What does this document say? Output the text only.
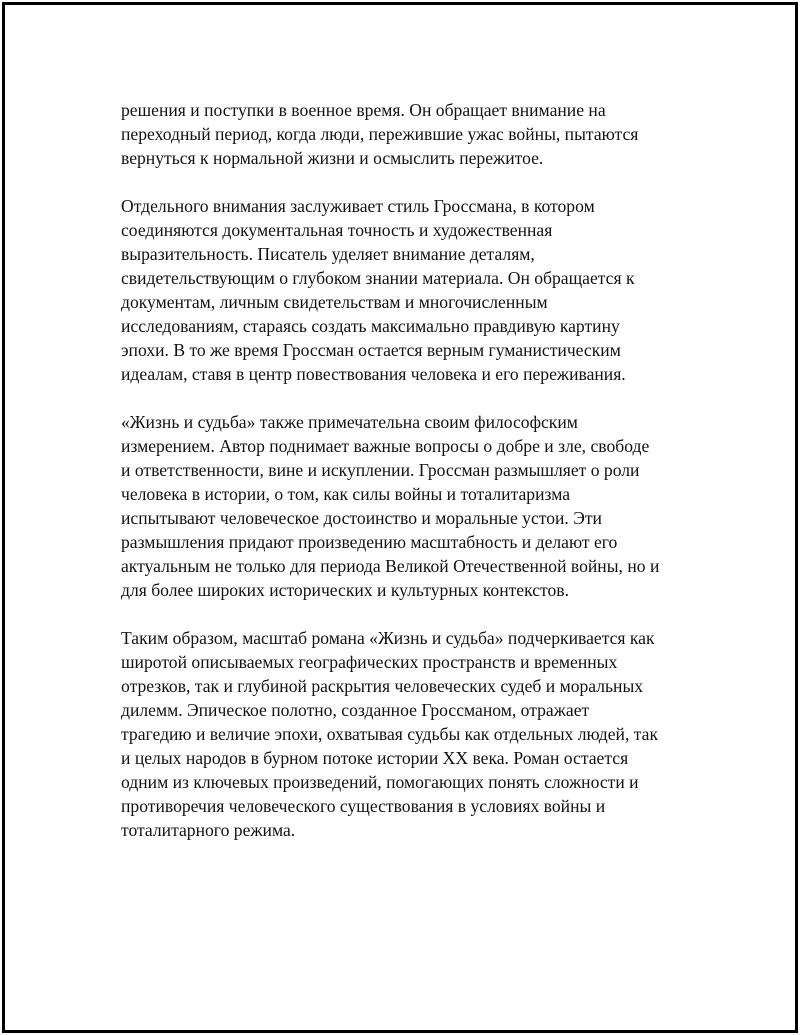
решения и поступки в военное время. Он обращает внимание на
переходный период, когда люди, пережившие ужас войны, пытаются
вернуться к нормальной жизни и осмыслить пережитое.

Отдельного внимания заслуживает стиль Гроссмана, в котором
соединяются документальная точность и художественная
выразительность. Писатель уделяет внимание деталям,
свидетельствующим о глубоком знании материала. Он обращается к
документам, личным свидетельствам и многочисленным
исследованиям, стараясь создать максимально правдивую картину
эпохи. В то же время Гроссман остается верным гуманистическим
идеалам, ставя в центр повествования человека и его переживания.

«Жизнь и судьба» также примечательна своим философским
измерением. Автор поднимает важные вопросы о добре и зле, свободе
и ответственности, вине и искуплении. Гроссман размышляет о роли
человека в истории, о том, как силы войны и тоталитаризма
испытывают человеческое достоинство и моральные устои. Эти
размышления придают произведению масштабность и делают его
актуальным не только для периода Великой Отечественной войны, но и
для более широких исторических и культурных контекстов.

Таким образом, масштаб романа «Жизнь и судьба» подчеркивается как
широтой описываемых географических пространств и временных
отрезков, так и глубиной раскрытия человеческих судеб и моральных
дилемм. Эпическое полотно, созданное Гроссманом, отражает
трагедию и величие эпохи, охватывая судьбы как отдельных людей, так
и целых народов в бурном потоке истории XX века. Роман остается
одним из ключевых произведений, помогающих понять сложности и
противоречия человеческого существования в условиях войны и
тоталитарного режима.
